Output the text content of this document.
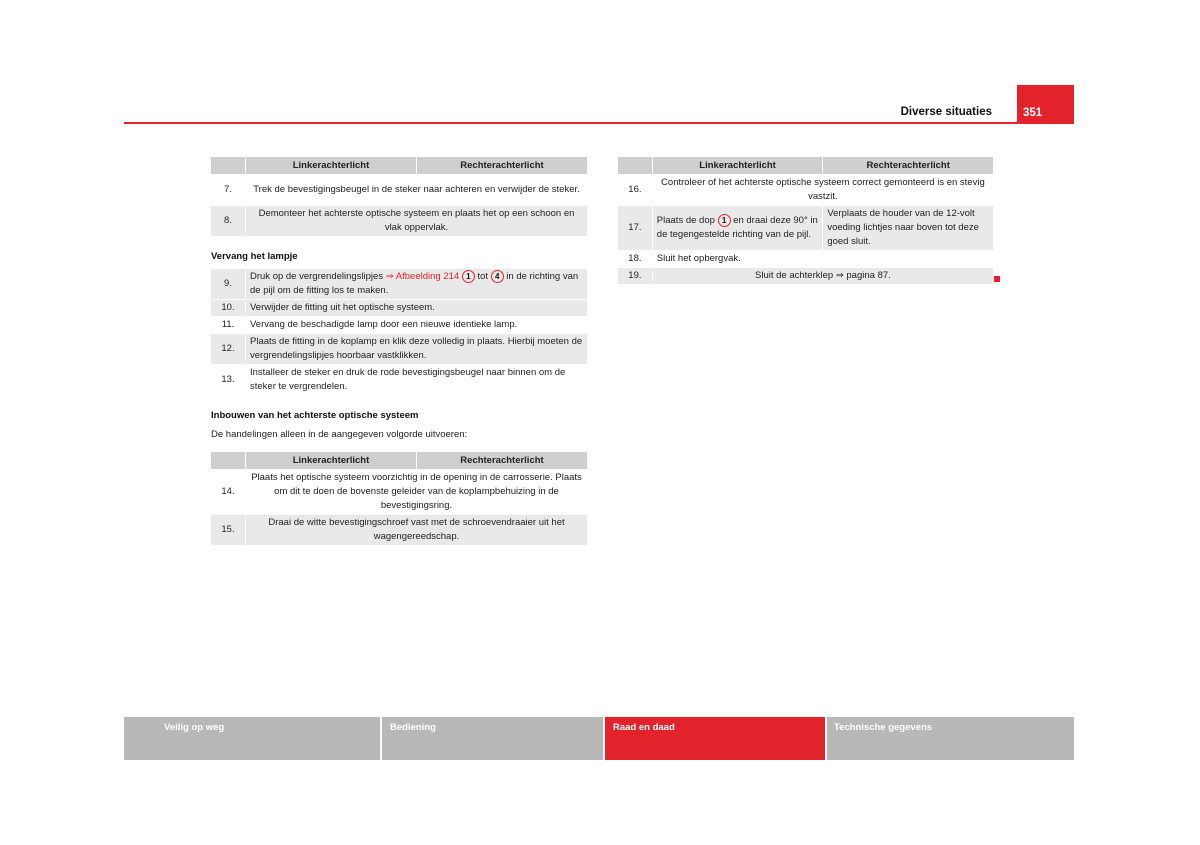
Diverse situaties	351
	Linkerachterlicht	Rechterachterlicht
7.	Trek de bevestigingsbeugel in de steker naar achteren en verwijder de steker.	
8.	Demonteer het achterste optische systeem en plaats het op een schoon en vlak oppervlak.	
Vervang het lampje
9.	Druk op de vergrendelingslipjes ⇒ Afbeelding 214 1 tot 4 in de richting van de pijl om de fitting los te maken.
10.	Verwijder de fitting uit het optische systeem.
11.	Vervang de beschadigde lamp door een nieuwe identieke lamp.
12.	Plaats de fitting in de koplamp en klik deze volledig in plaats. Hierbij moeten de vergrendelingslipjes hoorbaar vastklikken.
13.	Installeer de steker en druk de rode bevestigingsbeugel naar binnen om de steker te vergrendelen.
Inbouwen van het achterste optische systeem
De handelingen alleen in de aangegeven volgorde uitvoeren:
	Linkerachterlicht	Rechterachterlicht
14.	Plaats het optische systeem voorzichtig in de opening in de carrosserie. Plaats om dit te doen de bovenste geleider van de koplampbehuizing in de bevestigingsring.	
15.	Draai de witte bevestigingschroef vast met de schroevendraaier uit het wagengereedschap.	
	Linkerachterlicht	Rechterachterlicht
16.	Controleer of het achterste optische systeem correct gemonteerd is en stevig vastzit.	
17.	Plaats de dop 1 en draai deze 90° in de tegengestelde richting van de pijl.	Verplaats de houder van de 12-volt voeding lichtjes naar boven tot deze goed sluit.
18.	Sluit het opbergvak.	
19.	Sluit de achterklep ⇒ pagina 87.	
Veilig op weg	Bediening	Raad en daad	Technische gegevens
